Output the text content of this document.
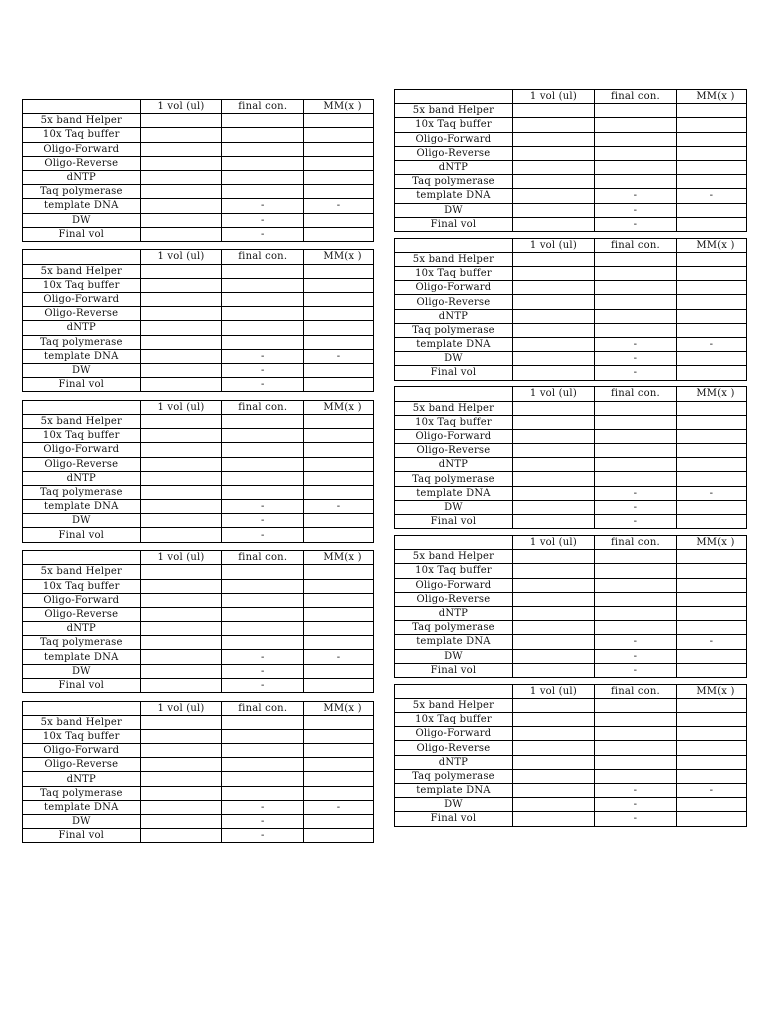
	1 vol (ul)	final con.	MM(x )
5x band Helper			
10x Taq buffer			
Oligo-Forward			
Oligo-Reverse			
dNTP			
Taq polymerase			
template DNA		-	-
DW		-	
Final vol		-	
	1 vol (ul)	final con.	MM(x )
5x band Helper			
10x Taq buffer			
Oligo-Forward			
Oligo-Reverse			
dNTP			
Taq polymerase			
template DNA		-	-
DW		-	
Final vol		-	
	1 vol (ul)	final con.	MM(x )
5x band Helper			
10x Taq buffer			
Oligo-Forward			
Oligo-Reverse			
dNTP			
Taq polymerase			
template DNA		-	-
DW		-	
Final vol		-	
	1 vol (ul)	final con.	MM(x )
5x band Helper			
10x Taq buffer			
Oligo-Forward			
Oligo-Reverse			
dNTP			
Taq polymerase			
template DNA		-	-
DW		-	
Final vol		-	
	1 vol (ul)	final con.	MM(x )
5x band Helper			
10x Taq buffer			
Oligo-Forward			
Oligo-Reverse			
dNTP			
Taq polymerase			
template DNA		-	-
DW		-	
Final vol		-	
	1 vol (ul)	final con.	MM(x )
5x band Helper			
10x Taq buffer			
Oligo-Forward			
Oligo-Reverse			
dNTP			
Taq polymerase			
template DNA		-	-
DW		-	
Final vol		-	
	1 vol (ul)	final con.	MM(x )
5x band Helper			
10x Taq buffer			
Oligo-Forward			
Oligo-Reverse			
dNTP			
Taq polymerase			
template DNA		-	-
DW		-	
Final vol		-	
	1 vol (ul)	final con.	MM(x )
5x band Helper			
10x Taq buffer			
Oligo-Forward			
Oligo-Reverse			
dNTP			
Taq polymerase			
template DNA		-	-
DW		-	
Final vol		-	
	1 vol (ul)	final con.	MM(x )
5x band Helper			
10x Taq buffer			
Oligo-Forward			
Oligo-Reverse			
dNTP			
Taq polymerase			
template DNA		-	-
DW		-	
Final vol		-	
	1 vol (ul)	final con.	MM(x )
5x band Helper			
10x Taq buffer			
Oligo-Forward			
Oligo-Reverse			
dNTP			
Taq polymerase			
template DNA		-	-
DW		-	
Final vol		-	
